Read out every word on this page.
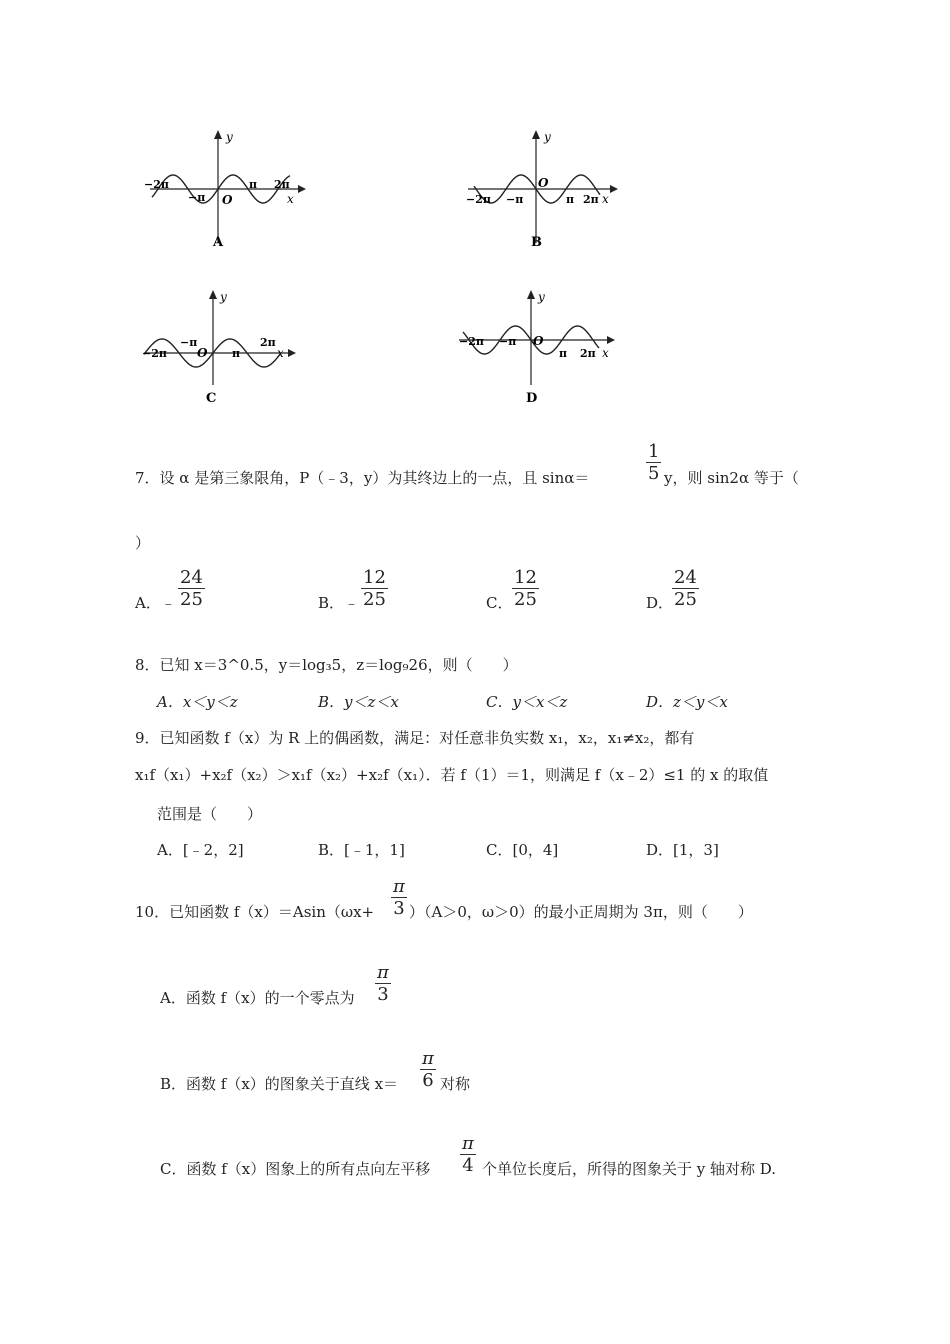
y
x
O
−2π
−π
π 2π
A
y
x
O
−2π −π	π 2π
B
y
x
O
−2π
−π
π
2π
C
y
x
O
−2π −π
π 2π
D
7．设 α 是第三象限角，P（﹣3，y）为其终边上的一点，且 sinα＝	$\frac{1}{5}$ y，则 sin2α 等于（
）
A．﹣ $\frac{24}{25}$	B．﹣ $\frac{12}{25}$	C． $\frac{12}{25}$	D．
$\frac{24}{25}$
8．已知 x＝3^0.5，y＝log₃5，z＝log₉26，则（　　）
A．x＜y＜z	B．y＜z＜x	C．y＜x＜z	D．z＜y＜x
9．已知函数 f（x）为 R 上的偶函数，满足：对任意非负实数 x₁，x₂，x₁≠x₂，都有
x₁f（x₁）+x₂f（x₂）＞x₁f（x₂）+x₂f（x₁）．若 f（1）＝1，则满足 f（x﹣2）≤1 的 x 的取值
范围是（　　）
A．[﹣2，2]	B．[﹣1，1]	C．[0，4]	D．[1，3]
10．已知函数 $f(x)=Asin(\omega x+ \frac{\pi}{3} )(A>0$，ω＞0）的最小正周期为 3π，则（　　）
A．函数 f（x）的一个零点为 $\frac{\pi}{3}$
B．函数 f（x）的图象关于直线 $x= \frac{\pi}{6}$ 对称
C．函数 f（x）图象上的所有点向左平移 $\frac{\pi}{4}$ 个单位长度后，所得的图象关于 y 轴对称 D.
